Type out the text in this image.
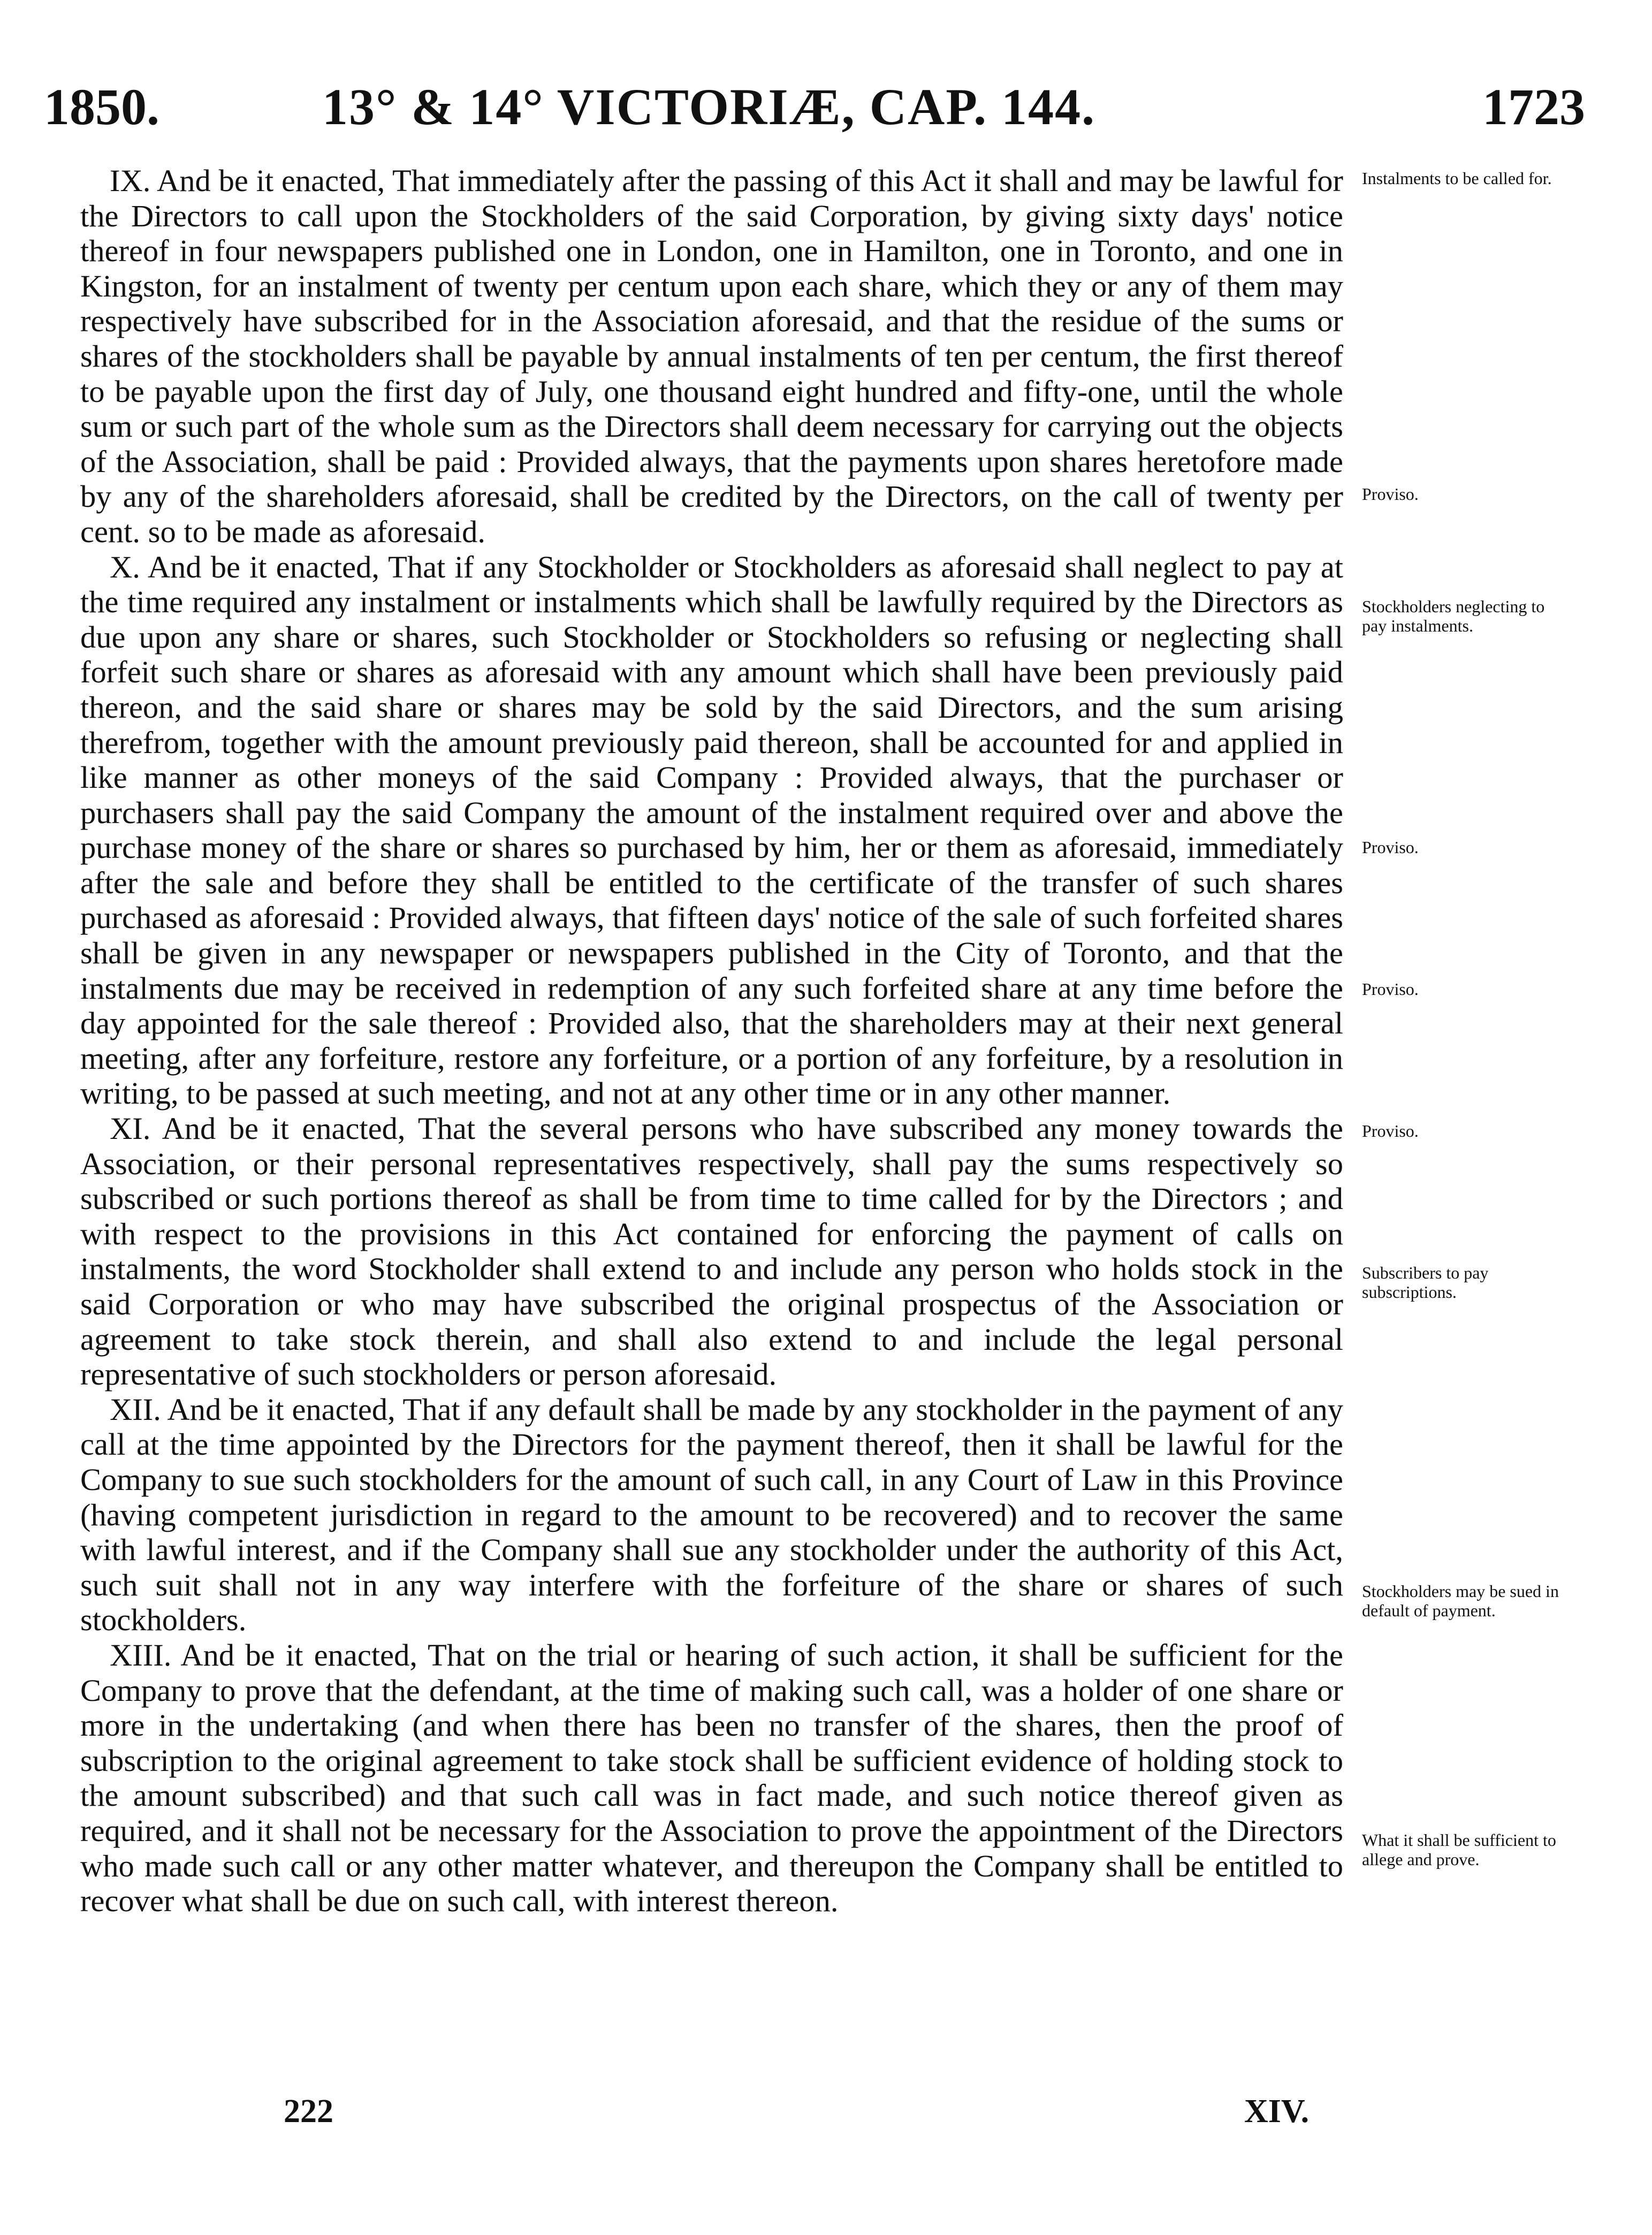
1850.	13° & 14° VICTORIÆ, CAP. 144.	1723

IX. And be it enacted, That immediately after the passing of this Act it shall and may be lawful for the Directors to call upon the Stockholders of the said Corporation, by giving sixty days' notice thereof in four newspapers published one in London, one in Hamilton, one in Toronto, and one in Kingston, for an instalment of twenty per centum upon each share, which they or any of them may respectively have subscribed for in the Association aforesaid, and that the residue of the sums or shares of the stockholders shall be payable by annual instalments of ten per centum, the first thereof to be payable upon the first day of July, one thousand eight hundred and fifty-one, until the whole sum or such part of the whole sum as the Directors shall deem necessary for carrying out the objects of the Association, shall be paid : Provided always, that the payments upon shares heretofore made by any of the shareholders aforesaid, shall be credited by the Directors, on the call of twenty per cent. so to be made as aforesaid.

X. And be it enacted, That if any Stockholder or Stockholders as aforesaid shall neglect to pay at the time required any instalment or instalments which shall be lawfully required by the Directors as due upon any share or shares, such Stockholder or Stockholders so refusing or neglecting shall forfeit such share or shares as aforesaid with any amount which shall have been previously paid thereon, and the said share or shares may be sold by the said Directors, and the sum arising therefrom, together with the amount previously paid thereon, shall be accounted for and applied in like manner as other moneys of the said Company : Provided always, that the purchaser or purchasers shall pay the said Company the amount of the instalment required over and above the purchase money of the share or shares so purchased by him, her or them as aforesaid, immediately after the sale and before they shall be entitled to the certificate of the transfer of such shares purchased as aforesaid : Provided always, that fifteen days' notice of the sale of such forfeited shares shall be given in any newspaper or newspapers published in the City of Toronto, and that the instalments due may be received in redemption of any such forfeited share at any time before the day appointed for the sale thereof : Provided also, that the shareholders may at their next general meeting, after any forfeiture, restore any forfeiture, or a portion of any forfeiture, by a resolution in writing, to be passed at such meeting, and not at any other time or in any other manner.

XI. And be it enacted, That the several persons who have subscribed any money towards the Association, or their personal representatives respectively, shall pay the sums respectively so subscribed or such portions thereof as shall be from time to time called for by the Directors ; and with respect to the provisions in this Act contained for enforcing the payment of calls on instalments, the word Stockholder shall extend to and include any person who holds stock in the said Corporation or who may have subscribed the original prospectus of the Association or agreement to take stock therein, and shall also extend to and include the legal personal representative of such stockholders or person aforesaid.

XII. And be it enacted, That if any default shall be made by any stockholder in the payment of any call at the time appointed by the Directors for the payment thereof, then it shall be lawful for the Company to sue such stockholders for the amount of such call, in any Court of Law in this Province (having competent jurisdiction in regard to the amount to be recovered) and to recover the same with lawful interest, and if the Company shall sue any stockholder under the authority of this Act, such suit shall not in any way interfere with the forfeiture of the share or shares of such stockholders.

XIII. And be it enacted, That on the trial or hearing of such action, it shall be sufficient for the Company to prove that the defendant, at the time of making such call, was a holder of one share or more in the undertaking (and when there has been no transfer of the shares, then the proof of subscription to the original agreement to take stock shall be sufficient evidence of holding stock to the amount subscribed) and that such call was in fact made, and such notice thereof given as required, and it shall not be necessary for the Association to prove the appointment of the Directors who made such call or any other matter whatever, and thereupon the Company shall be entitled to recover what shall be due on such call, with interest thereon.

Instalments to be called for.
Proviso.
Stockholders neglecting to pay instalments.
Proviso.
Proviso.
Proviso.
Subscribers to pay subscriptions.
Stockholders may be sued in default of payment.
What it shall be sufficient to allege and prove.
222	XIV.
